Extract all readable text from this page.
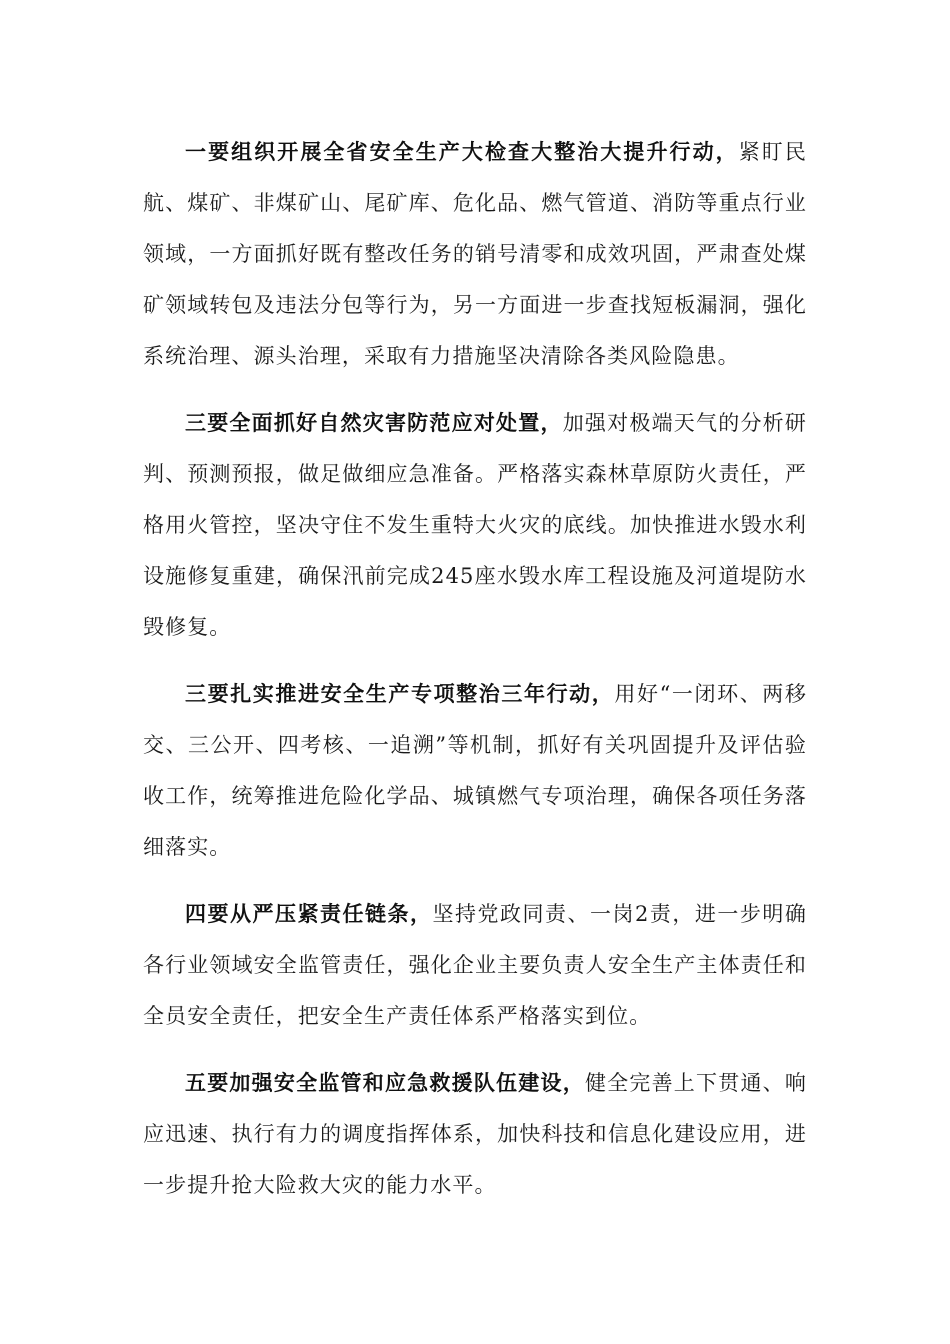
一要组织开展全省安全生产大检查大整治大提升行动，紧盯民航、煤矿、非煤矿山、尾矿库、危化品、燃气管道、消防等重点行业领域，一方面抓好既有整改任务的销号清零和成效巩固，严肃查处煤矿领域转包及违法分包等行为，另一方面进一步查找短板漏洞，强化系统治理、源头治理，采取有力措施坚决清除各类风险隐患。

三要全面抓好自然灾害防范应对处置，加强对极端天气的分析研判、预测预报，做足做细应急准备。严格落实森林草原防火责任，严格用火管控，坚决守住不发生重特大火灾的底线。加快推进水毁水利设施修复重建，确保汛前完成245座水毁水库工程设施及河道堤防水毁修复。

三要扎实推进安全生产专项整治三年行动，用好“一闭环、两移交、三公开、四考核、一追溯”等机制，抓好有关巩固提升及评估验收工作，统筹推进危险化学品、城镇燃气专项治理，确保各项任务落细落实。

四要从严压紧责任链条，坚持党政同责、一岗2责，进一步明确各行业领域安全监管责任，强化企业主要负责人安全生产主体责任和全员安全责任，把安全生产责任体系严格落实到位。

五要加强安全监管和应急救援队伍建设，健全完善上下贯通、响应迅速、执行有力的调度指挥体系，加快科技和信息化建设应用，进一步提升抢大险救大灾的能力水平。
